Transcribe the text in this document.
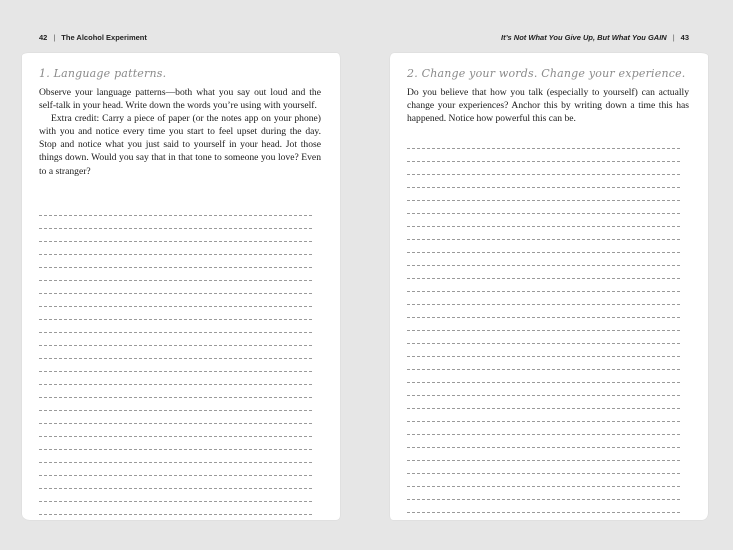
42 | The Alcohol Experiment
1. Language patterns.

Observe your language patterns—both what you say out loud and the self-talk in your head. Write down the words you’re using with yourself.

Extra credit: Carry a piece of paper (or the notes app on your phone) with you and notice every time you start to feel upset during the day. Stop and notice what you just said to yourself in your head. Jot those things down. Would you say that in that tone to someone you love? Even to a stranger?

It’s Not What You Give Up, But What You GAIN | 43
2. Change your words. Change your experience.

Do you believe that how you talk (especially to yourself) can actually change your experiences? Anchor this by writing down a time this has happened. Notice how powerful this can be.
